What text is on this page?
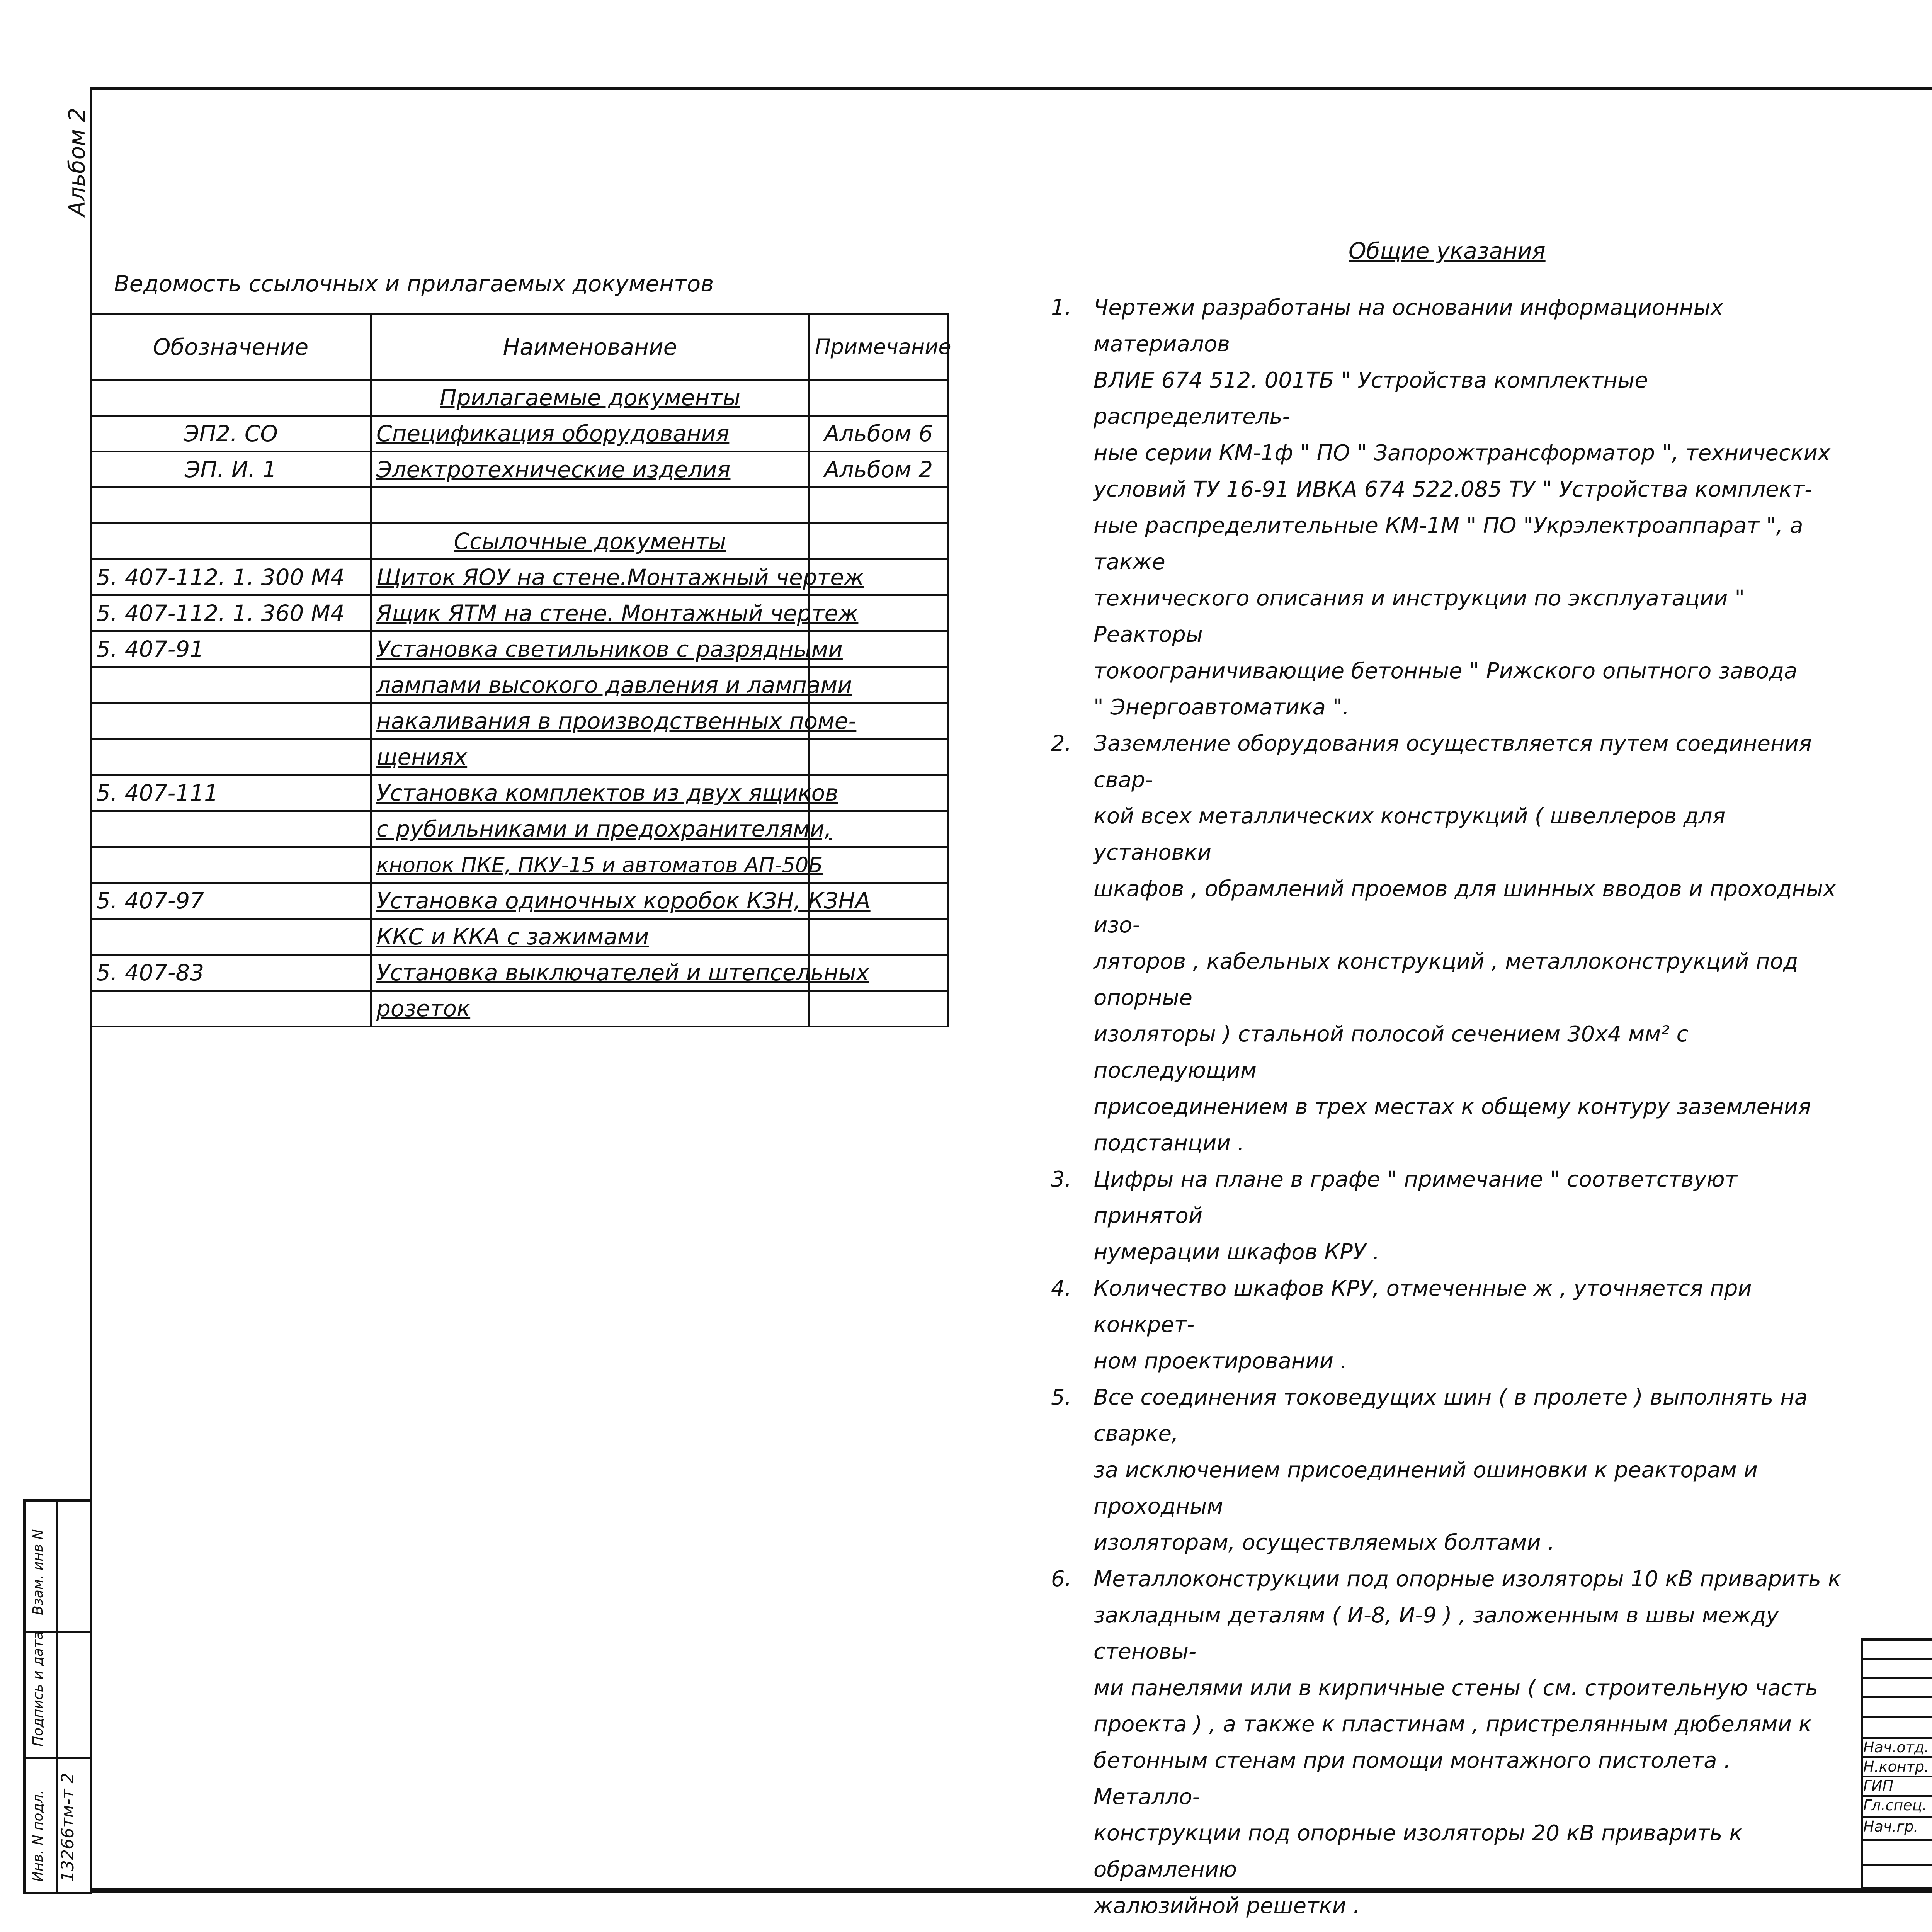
Альбом 2
Инв. N подл. 13266тм-т 2
Подпись и дата
Взам. инв N
Ведомость ссылочных и прилагаемых документов
Обозначение	Наименование	Примечание
	Прилагаемые документы	
ЭП2. СО	Спецификация оборудования	Альбом 6
ЭП. И. 1	Электротехнические изделия	Альбом 2

	Ссылочные документы	
5. 407-112. 1. 300 М4	Щиток ЯОУ на стене.Монтажный чертеж	
5. 407-112. 1. 360 М4	Ящик ЯТМ на стене. Монтажный чертеж	
5. 407-91	Установка светильников с разрядными	
	лампами высокого давления и лампами	
	накаливания в производственных поме-	
	щениях	
5. 407-111	Установка комплектов из двух ящиков	
	с рубильниками и предохранителями,	
	кнопок ПКЕ, ПКУ-15 и автоматов АП-50Б	
5. 407-97	Установка одиночных коробок КЗН, КЗНА	
	ККС и ККА с зажимами	
5. 407-83	Установка выключателей и штепсельных	
	розеток	
Общие указания
1.	Чертежи разработаны на основании информационных материалов
ВЛИЕ 674 512. 001ТБ " Устройства комплектные распределитель-
ные серии КМ-1ф " ПО " Запорожтрансформатор ", технических
условий ТУ 16-91 ИВКА 674 522.085 ТУ " Устройства комплект-
ные распределительные КМ-1М " ПО "Укрэлектроаппарат ", а также
технического описания и инструкции по эксплуатации " Реакторы
токоограничивающие бетонные " Рижского опытного завода
" Энергоавтоматика ".
2.	Заземление оборудования осуществляется путем соединения свар-
кой всех металлических конструкций ( швеллеров для установки
шкафов , обрамлений проемов для шинных вводов и проходных изо-
ляторов , кабельных конструкций , металлоконструкций под опорные
изоляторы ) стальной полосой сечением 30х4 мм² с последующим
присоединением в трех местах к общему контуру заземления
подстанции .
3.	Цифры на плане в графе " примечание " соответствуют принятой
нумерации шкафов КРУ .
4.	Количество шкафов КРУ, отмеченные ж , уточняется при конкрет-
ном проектировании .
5.	Все соединения токоведущих шин ( в пролете ) выполнять на сварке,
за исключением присоединений ошиновки к реакторам и проходным
изоляторам, осуществляемых болтами .
6.	Металлоконструкции под опорные изоляторы 10 кВ приварить к
закладным деталям ( И-8, И-9 ) , заложенным в швы между стеновы-
ми панелями или в кирпичные стены ( см. строительную часть
проекта ) , а также к пластинам , пристрелянным дюбелями к
бетонным стенам при помощи монтажного пистолета . Металло-
конструкции под опорные изоляторы 20 кВ приварить к обрамлению
жалюзийной решетки .
Нач.отд.
Н.контр.
ГИП
Гл.спец.
Нач.гр.
